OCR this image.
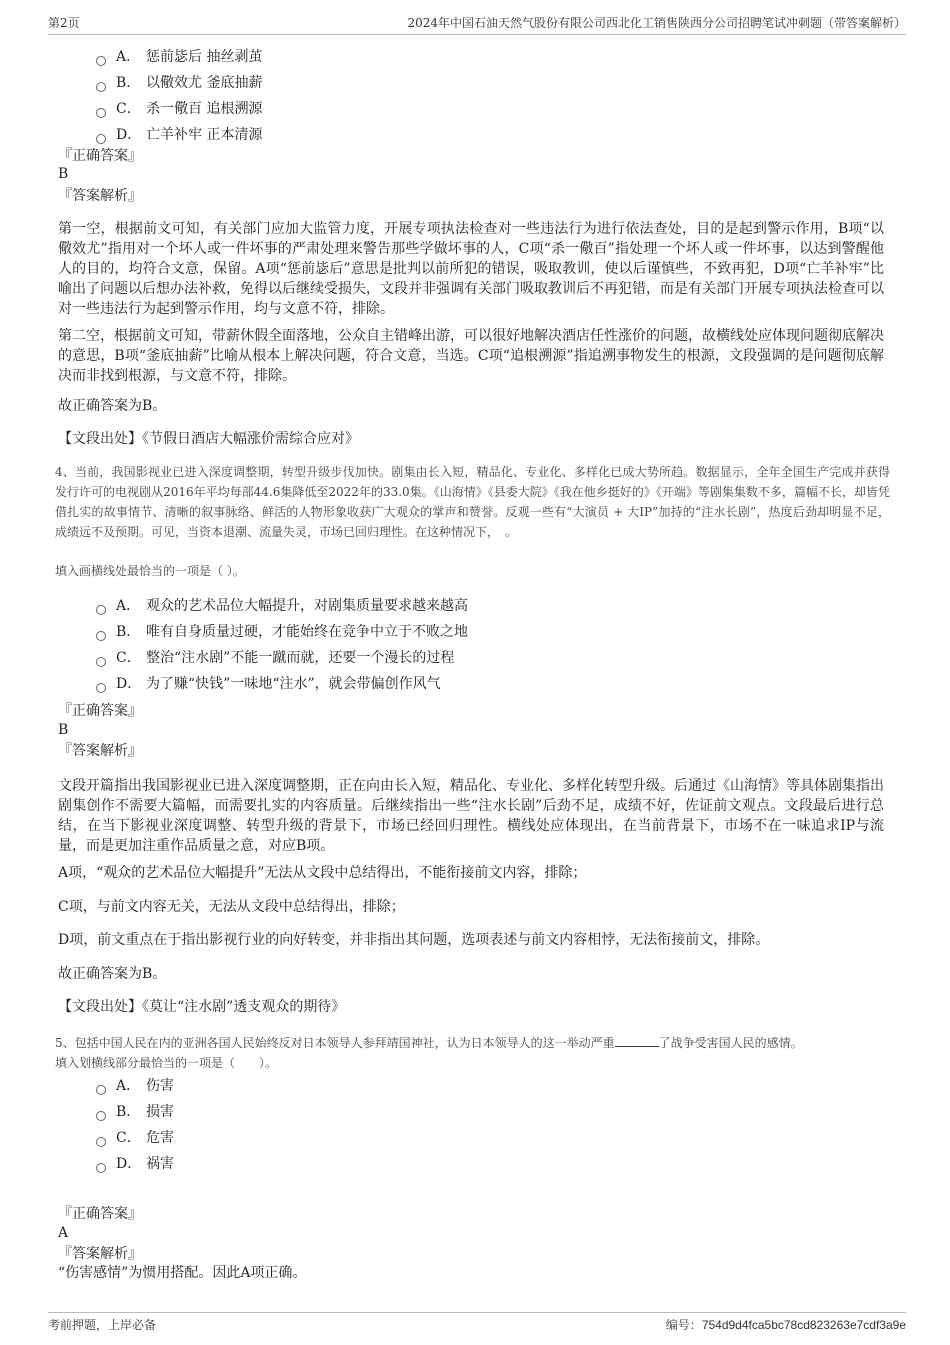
第2页	2024年中国石油天然气股份有限公司西北化工销售陕西分公司招聘笔试冲刺题（带答案解析）
A． 惩前毖后 抽丝剥茧
B． 以儆效尤 釜底抽薪
C． 杀一儆百 追根溯源
D． 亡羊补牢 正本清源
『正确答案』
B
『答案解析』
第一空，根据前文可知，有关部门应加大监管力度，开展专项执法检查对一些违法行为进行依法查处，目的是起到警示作用，B项“以儆效尤”指用对一个坏人或一件坏事的严肃处理来警告那些学做坏事的人，C项“杀一儆百”指处理一个坏人或一件坏事，以达到警醒他人的目的，均符合文意，保留。A项“惩前毖后”意思是批判以前所犯的错误，吸取教训，使以后谨慎些，不致再犯，D项“亡羊补牢”比喻出了问题以后想办法补救，免得以后继续受损失，文段并非强调有关部门吸取教训后不再犯错，而是有关部门开展专项执法检查可以对一些违法行为起到警示作用，均与文意不符，排除。
第二空，根据前文可知，带薪休假全面落地，公众自主错峰出游，可以很好地解决酒店任性涨价的问题，故横线处应体现问题彻底解决的意思，B项“釜底抽薪”比喻从根本上解决问题，符合文意，当选。C项“追根溯源”指追溯事物发生的根源，文段强调的是问题彻底解决而非找到根源，与文意不符，排除。
故正确答案为B。
【文段出处】《节假日酒店大幅涨价需综合应对》
4、当前，我国影视业已进入深度调整期，转型升级步伐加快。剧集由长入短，精品化、专业化、多样化已成大势所趋。数据显示，全年全国生产完成并获得发行许可的电视剧从2016年平均每部44.6集降低至2022年的33.0集。《山海情》《县委大院》《我在他乡挺好的》《开端》等剧集集数不多，篇幅不长，却皆凭借扎实的故事情节、清晰的叙事脉络、鲜活的人物形象收获广大观众的掌声和赞誉。反观一些有“大演员 + 大IP”加持的“注水长剧”，热度后劲却明显不足，成绩远不及预期。可见，当资本退潮、流量失灵，市场已回归理性。在这种情况下，　。
填入画横线处最恰当的一项是（ ）。
A． 观众的艺术品位大幅提升，对剧集质量要求越来越高
B． 唯有自身质量过硬，才能始终在竞争中立于不败之地
C． 整治“注水剧”不能一蹴而就，还要一个漫长的过程
D． 为了赚“快钱”一味地“注水”，就会带偏创作风气
『正确答案』
B
『答案解析』
文段开篇指出我国影视业已进入深度调整期，正在向由长入短，精品化、专业化、多样化转型升级。后通过《山海情》等具体剧集指出剧集创作不需要大篇幅，而需要扎实的内容质量。后继续指出一些“注水长剧”后劲不足，成绩不好，佐证前文观点。文段最后进行总结，在当下影视业深度调整、转型升级的背景下，市场已经回归理性。横线处应体现出，在当前背景下，市场不在一味追求IP与流量，而是更加注重作品质量之意，对应B项。
A项，“观众的艺术品位大幅提升”无法从文段中总结得出，不能衔接前文内容，排除；
C项，与前文内容无关，无法从文段中总结得出，排除；
D项，前文重点在于指出影视行业的向好转变，并非指出其问题，选项表述与前文内容相悖，无法衔接前文，排除。
故正确答案为B。
【文段出处】《莫让“注水剧”透支观众的期待》
5、包括中国人民在内的亚洲各国人民始终反对日本领导人参拜靖国神社，认为日本领导人的这一举动严重	了战争受害国人民的感情。
填入划横线部分最恰当的一项是（　　）。
A． 伤害
B． 损害
C． 危害
D． 祸害
『正确答案』
A
『答案解析』
“伤害感情”为惯用搭配。因此A项正确。
考前押题，上岸必备	编号：754d9d4fca5bc78cd823263e7cdf3a9e
